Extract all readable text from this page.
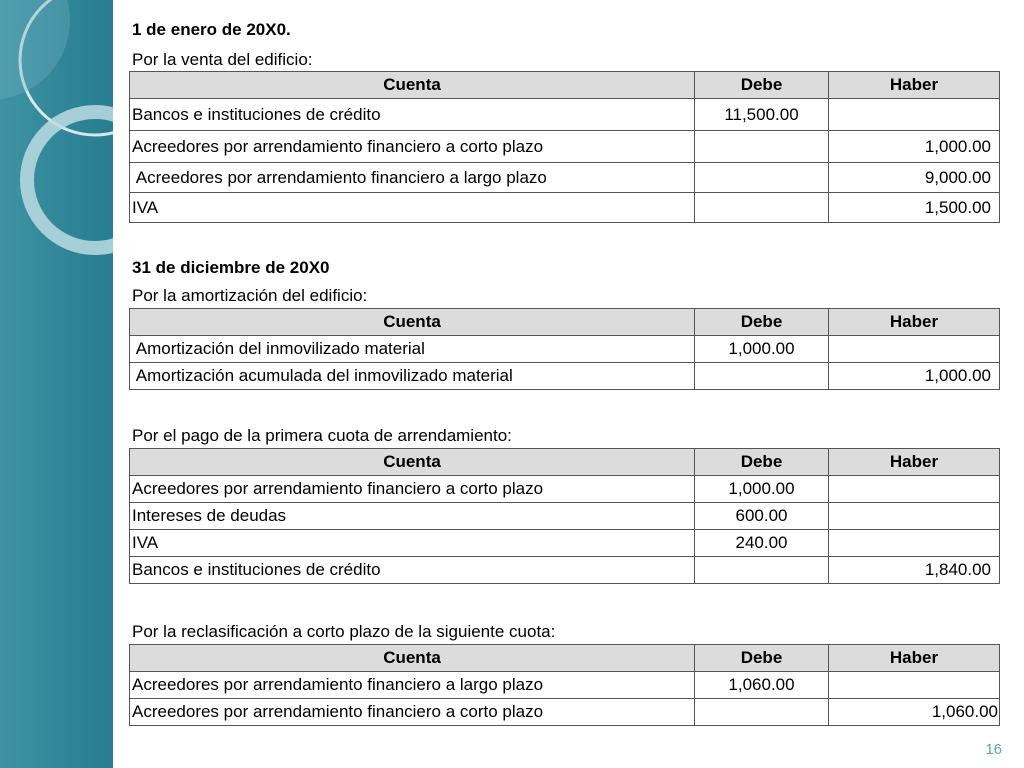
1 de enero de 20X0.
Por la venta del edificio:
Cuenta	Debe	Haber
Bancos e instituciones de crédito	11,500.00	
Acreedores por arrendamiento financiero a corto plazo		1,000.00
Acreedores por arrendamiento financiero a largo plazo		9,000.00
IVA		1,500.00
31 de diciembre de 20X0
Por la amortización del edificio:
Cuenta	Debe	Haber
Amortización del inmovilizado material	1,000.00	
Amortización acumulada del inmovilizado material		1,000.00
Por el pago de la primera cuota de arrendamiento:
Cuenta	Debe	Haber
Acreedores por arrendamiento financiero a corto plazo	1,000.00	
Intereses de deudas	600.00	
IVA	240.00	
Bancos e instituciones de crédito		1,840.00
Por la reclasificación a corto plazo de la siguiente cuota:
Cuenta	Debe	Haber
Acreedores por arrendamiento financiero a largo plazo	1,060.00	
Acreedores por arrendamiento financiero a corto plazo		1,060.00
16
